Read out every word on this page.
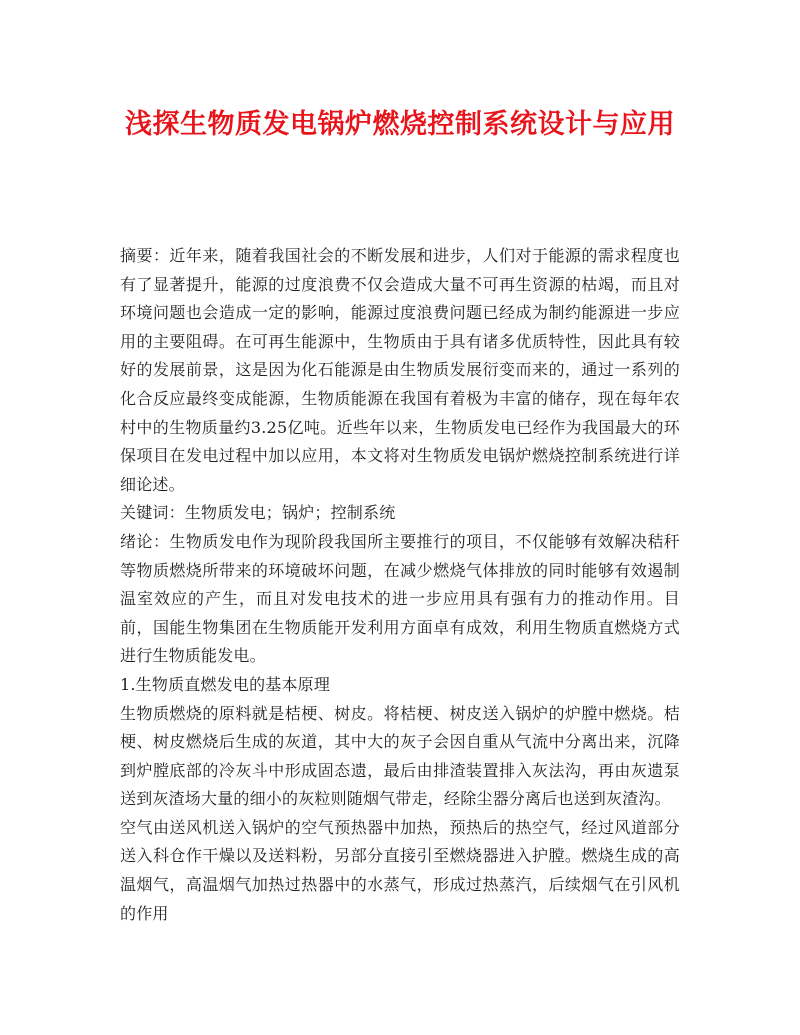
浅探生物质发电锅炉燃烧控制系统设计与应用

摘要：近年来，随着我国社会的不断发展和进步，人们对于能源的需求程度也有了显著提升，能源的过度浪费不仅会造成大量不可再生资源的枯竭，而且对环境问题也会造成一定的影响，能源过度浪费问题已经成为制约能源进一步应用的主要阻碍。在可再生能源中，生物质由于具有诸多优质特性，因此具有较好的发展前景，这是因为化石能源是由生物质发展衍变而来的，通过一系列的化合反应最终变成能源，生物质能源在我国有着极为丰富的储存，现在每年农村中的生物质量约3.25亿吨。近些年以来，生物质发电已经作为我国最大的环保项目在发电过程中加以应用，本文将对生物质发电锅炉燃烧控制系统进行详细论述。

关键词：生物质发电；锅炉；控制系统

绪论：生物质发电作为现阶段我国所主要推行的项目，不仅能够有效解决秸秆等物质燃烧所带来的环境破坏问题，在减少燃烧气体排放的同时能够有效遏制温室效应的产生，而且对发电技术的进一步应用具有强有力的推动作用。目前，国能生物集团在生物质能开发利用方面卓有成效，利用生物质直燃烧方式进行生物质能发电。

1.生物质直燃发电的基本原理

生物质燃烧的原料就是桔梗、树皮。将桔梗、树皮送入锅炉的炉膛中燃烧。桔梗、树皮燃烧后生成的灰道，其中大的灰子会因自重从气流中分离出来，沉降到炉膛底部的冷灰斗中形成固态遗，最后由排渣装置排入灰法沟，再由灰遗泵送到灰渣场大量的细小的灰粒则随烟气带走，经除尘器分离后也送到灰渣沟。

空气由送风机送入锅炉的空气预热器中加热，预热后的热空气，经过风道部分送入科仓作干燥以及送料粉，另部分直接引至燃烧器进入护膛。燃烧生成的高温烟气，高温烟气加热过热器中的水蒸气，形成过热蒸汽，后续烟气在引风机的作用
